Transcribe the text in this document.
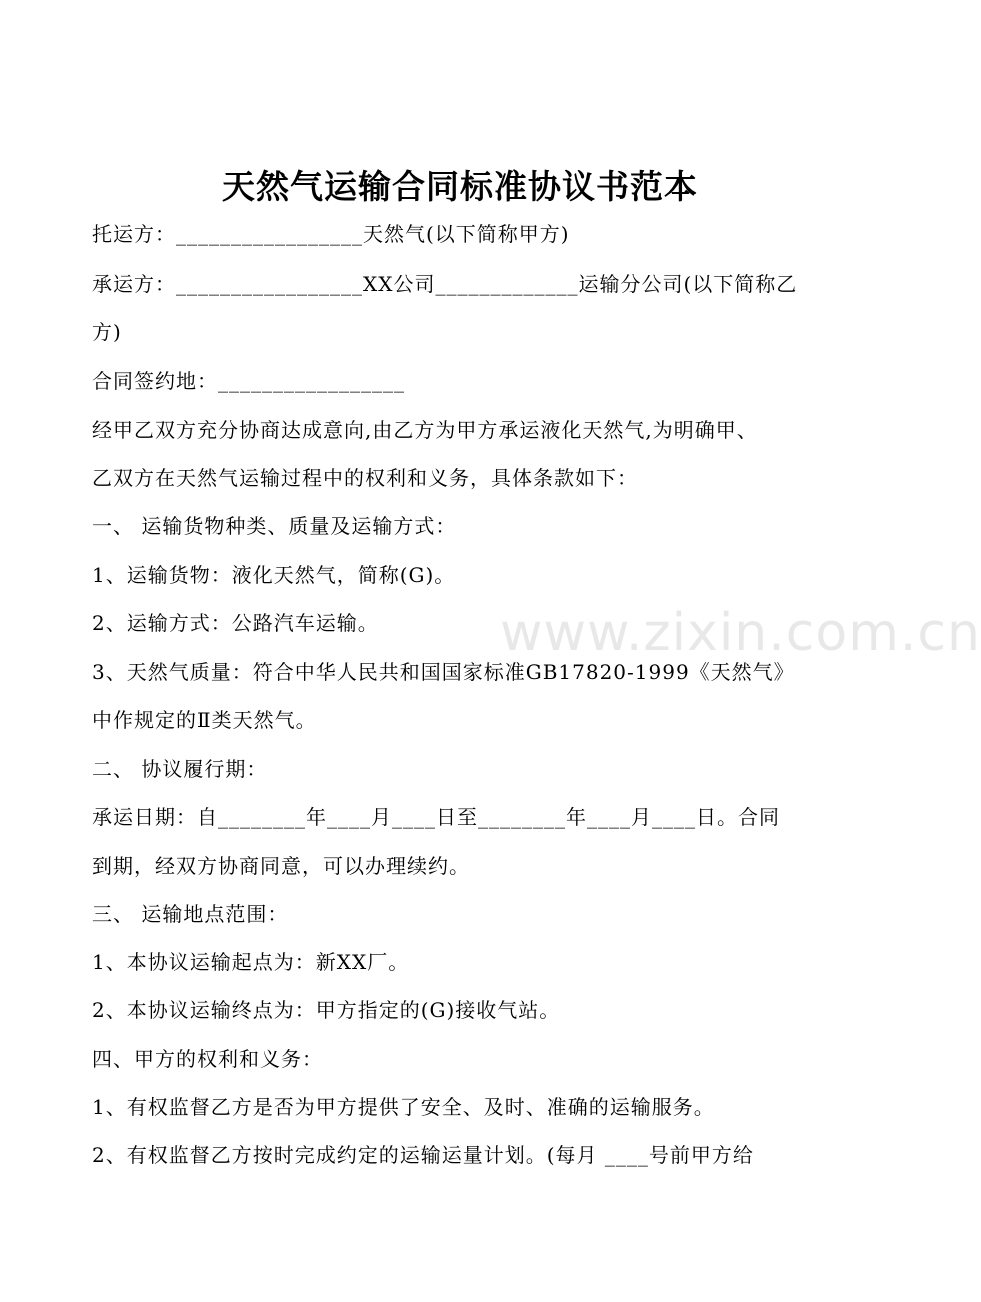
天然气运输合同标准协议书范本
托运方：_________________天然气(以下简称甲方)
承运方：_________________XX公司_____________运输分公司(以下简称乙
方)
合同签约地：_________________
经甲乙双方充分协商达成意向,由乙方为甲方承运液化天然气,为明确甲、
乙双方在天然气运输过程中的权利和义务，具体条款如下：
一、 运输货物种类、质量及运输方式：
1、运输货物：液化天然气，简称(G)。
2、运输方式：公路汽车运输。
3、天然气质量：符合中华人民共和国国家标准GB17820-1999《天然气》
中作规定的Ⅱ类天然气。
二、 协议履行期：
承运日期：自________年____月____日至________年____月____日。合同
到期，经双方协商同意，可以办理续约。
三、 运输地点范围：
1、本协议运输起点为：新XX厂。
2、本协议运输终点为：甲方指定的(G)接收气站。
四、甲方的权利和义务：
1、有权监督乙方是否为甲方提供了安全、及时、准确的运输服务。
2、有权监督乙方按时完成约定的运输运量计划。(每月 ____号前甲方给
www.zixin.com.cn
